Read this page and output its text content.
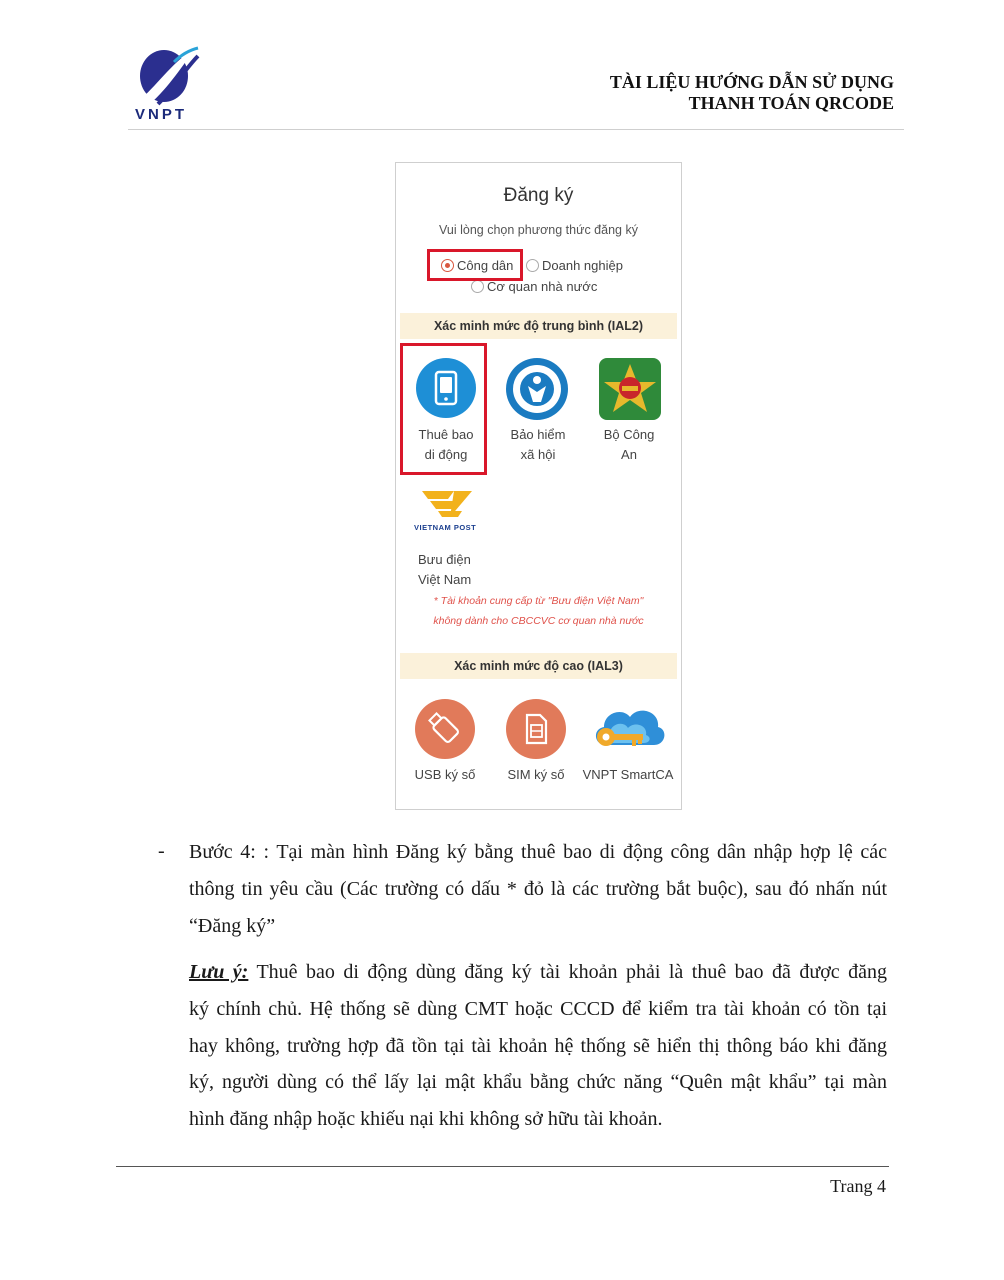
VNPT
TÀI LIỆU HƯỚNG DẪN SỬ DỤNG
THANH TOÁN QRCODE
Đăng ký
Vui lòng chọn phương thức đăng ký
Công dân	Doanh nghiệp
Cơ quan nhà nước
Xác minh mức độ trung bình (IAL2)
Thuê bao
di động
Bảo hiểm
xã hội
Bộ Công
An
VIETNAM POST
Bưu điện
Việt Nam
* Tài khoản cung cấp từ "Bưu điện Việt Nam"
không dành cho CBCCVC cơ quan nhà nước
Xác minh mức độ cao (IAL3)
USB ký số	SIM ký số	VNPT SmartCA
- Bước 4: : Tại màn hình Đăng ký bằng thuê bao di động công dân nhập hợp lệ các
thông tin yêu cầu (Các trường có dấu * đỏ là các trường bắt buộc), sau đó nhấn nút
“Đăng ký”
Lưu ý: Thuê bao di động dùng đăng ký tài khoản phải là thuê bao đã được đăng
ký chính chủ. Hệ thống sẽ dùng CMT hoặc CCCD để kiểm tra tài khoản có tồn tại
hay không, trường hợp đã tồn tại tài khoản hệ thống sẽ hiển thị thông báo khi đăng
ký, người dùng có thể lấy lại mật khẩu bằng chức năng “Quên mật khẩu” tại màn
hình đăng nhập hoặc khiếu nại khi không sở hữu tài khoản.
Trang 4
